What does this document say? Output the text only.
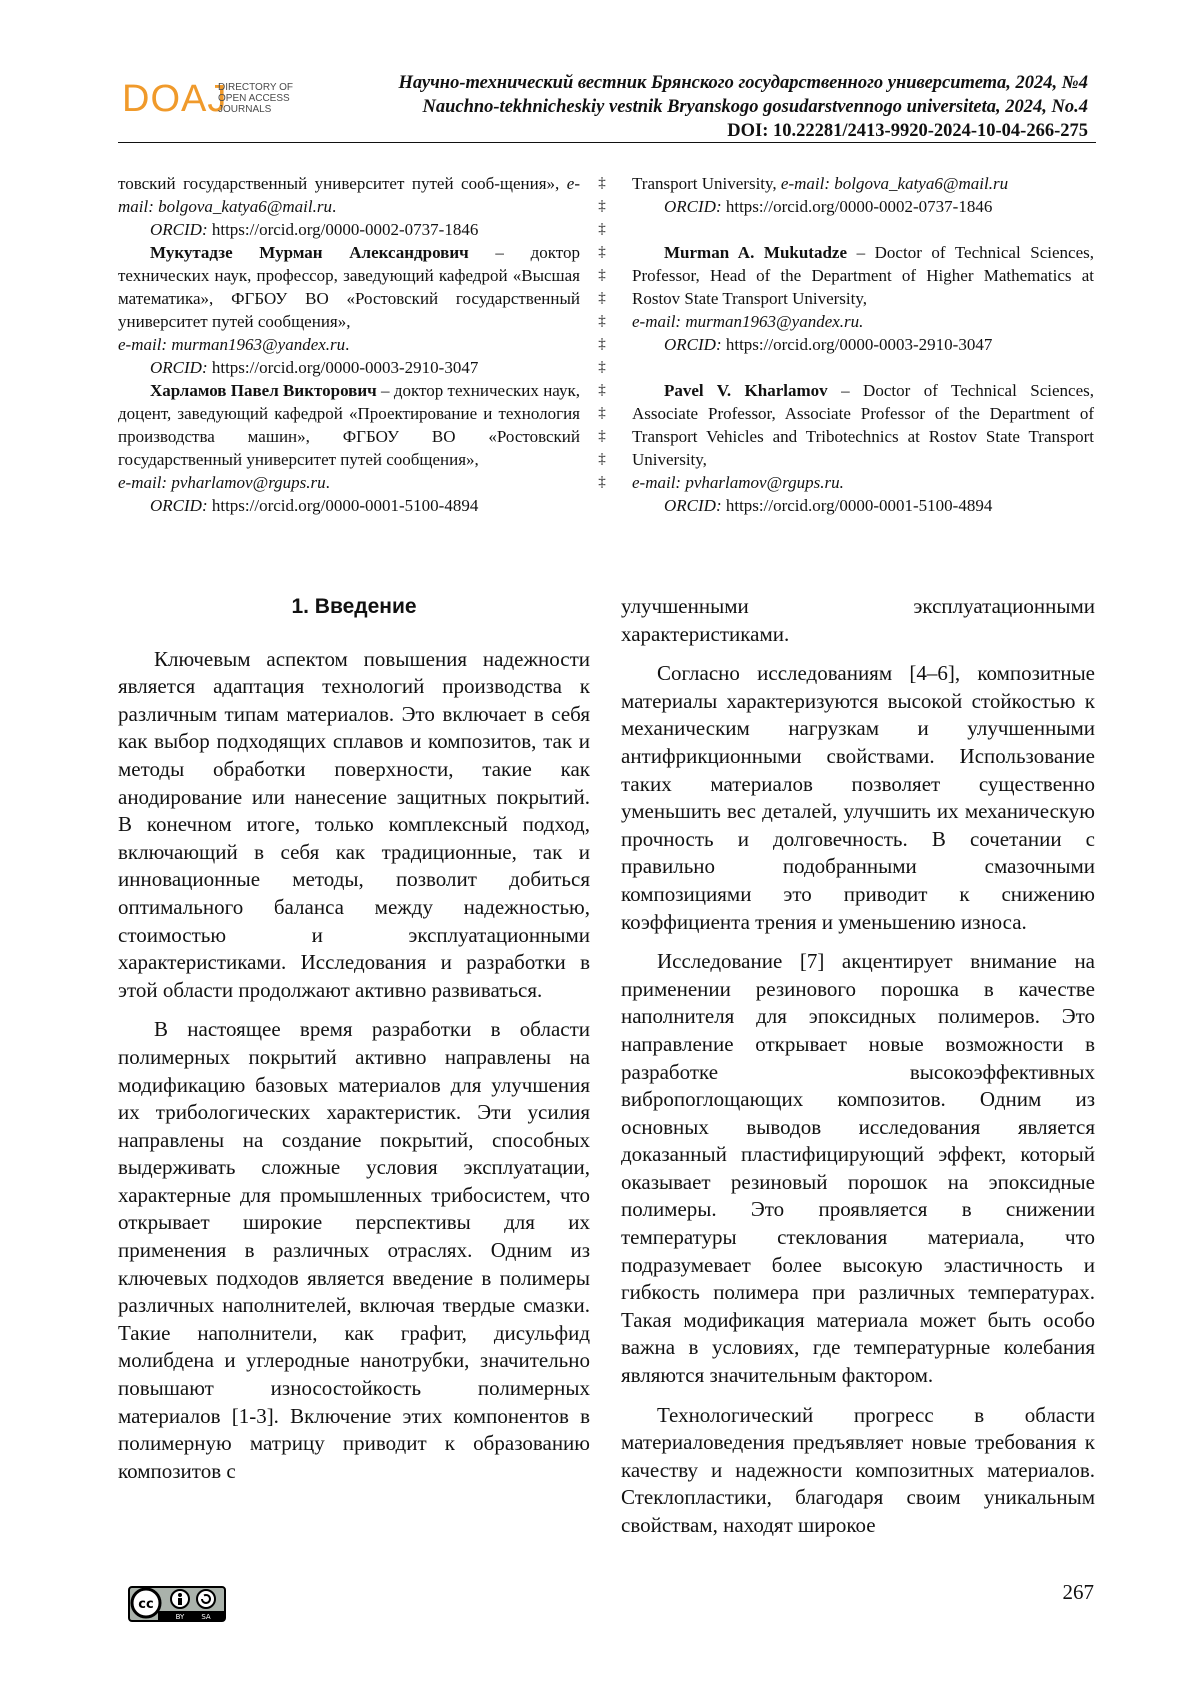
DOAJ
DIRECTORY OF
OPEN ACCESS
JOURNALS
Научно-технический вестник Брянского государственного университета, 2024, №4
Nauchno-tekhnicheskiy vestnik Bryanskogo gosudarstvennogo universiteta, 2024, No.4
DOI: 10.22281/2413-9920-2024-10-04-266-275

товский государственный университет путей сооб-щения», e-mail: bolgova_katya6@mail.ru.

ORCID: https://orcid.org/0000-0002-0737-1846

Мукутадзе Мурман Александрович – доктор технических наук, профессор, заведующий кафедрой «Высшая математика», ФГБОУ ВО «Ростовский государственный университет путей сообщения»,

e-mail: murman1963@yandex.ru.

ORCID: https://orcid.org/0000-0003-2910-3047

Харламов Павел Викторович – доктор технических наук, доцент, заведующий кафедрой «Проектирование и технология производства машин», ФГБОУ ВО «Ростовский государственный университет путей сообщения»,

e-mail: pvharlamov@rgups.ru.

ORCID: https://orcid.org/0000-0001-5100-4894

‡
‡
‡
‡
‡
‡
‡
‡
‡
‡
‡
‡
‡
‡

Transport University, e-mail: bolgova_katya6@mail.ru

ORCID: https://orcid.org/0000-0002-0737-1846

Murman A. Mukutadze – Doctor of Technical Sciences, Professor, Head of the Department of Higher Mathematics at Rostov State Transport University,

e-mail: murman1963@yandex.ru.

ORCID: https://orcid.org/0000-0003-2910-3047

Pavel V. Kharlamov – Doctor of Technical Sciences, Associate Professor, Associate Professor of the Department of Transport Vehicles and Tribotechnics at Rostov State Transport University,

e-mail: pvharlamov@rgups.ru.

ORCID: https://orcid.org/0000-0001-5100-4894

1. Введение

Ключевым аспектом повышения надежности является адаптация технологий производства к различным типам материалов. Это включает в себя как выбор подходящих сплавов и композитов, так и методы обработки поверхности, такие как анодирование или нанесение защитных покрытий. В конечном итоге, только комплексный подход, включающий в себя как традиционные, так и инновационные методы, позволит добиться оптимального баланса между надежностью, стоимостью и эксплуатационными характеристиками. Исследования и разработки в этой области продолжают активно развиваться.

В настоящее время разработки в области полимерных покрытий активно направлены на модификацию базовых материалов для улучшения их трибологических характеристик. Эти усилия направлены на создание покрытий, способных выдерживать сложные условия эксплуатации, характерные для промышленных трибосистем, что открывает широкие перспективы для их применения в различных отраслях. Одним из ключевых подходов является введение в полимеры различных наполнителей, включая твердые смазки. Такие наполнители, как графит, дисульфид молибдена и углеродные нанотрубки, значительно повышают износостойкость полимерных материалов [1-3]. Включение этих компонентов в полимерную матрицу приводит к образованию композитов с

улучшенными эксплуатационными характеристиками.

Согласно исследованиям [4–6], композитные материалы характеризуются высокой стойкостью к механическим нагрузкам и улучшенными антифрикционными свойствами. Использование таких материалов позволяет существенно уменьшить вес деталей, улучшить их механическую прочность и долговечность. В сочетании с правильно подобранными смазочными композициями это приводит к снижению коэффициента трения и уменьшению износа.

Исследование [7] акцентирует внимание на применении резинового порошка в качестве наполнителя для эпоксидных полимеров. Это направление открывает новые возможности в разработке высокоэффективных вибропоглощающих композитов. Одним из основных выводов исследования является доказанный пластифицирующий эффект, который оказывает резиновый порошок на эпоксидные полимеры. Это проявляется в снижении температуры стеклования материала, что подразумевает более высокую эластичность и гибкость полимера при различных температурах. Такая модификация материала может быть особо важна в условиях, где температурные колебания являются значительным фактором.

Технологический прогресс в области материаловедения предъявляет новые требования к качеству и надежности композитных материалов. Стеклопластики, благодаря своим уникальным свойствам, находят широкое

cc
BY SA
267
